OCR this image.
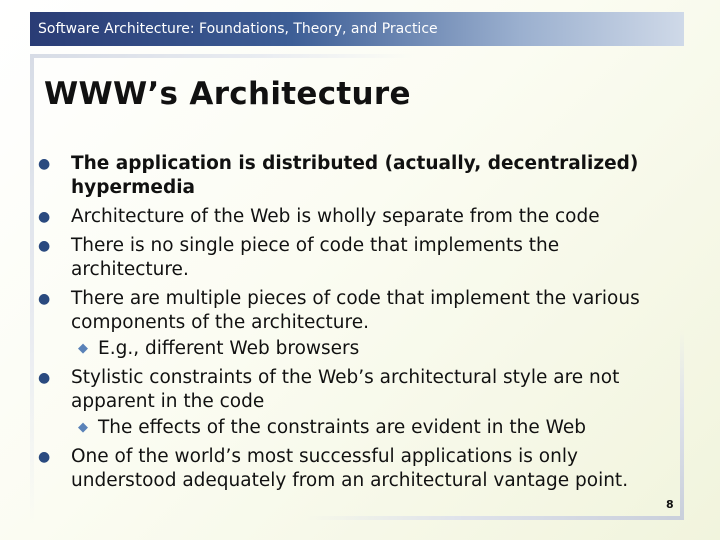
Software Architecture: Foundations, Theory, and Practice
WWW’s Architecture
● The application is distributed (actually, decentralized) hypermedia
● Architecture of the Web is wholly separate from the code
● There is no single piece of code that implements the architecture.
● There are multiple pieces of code that implement the various components of the architecture.
◆ E.g., different Web browsers
● Stylistic constraints of the Web’s architectural style are not apparent in the code
◆ The effects of the constraints are evident in the Web
● One of the world’s most successful applications is only understood adequately from an architectural vantage point.
8
